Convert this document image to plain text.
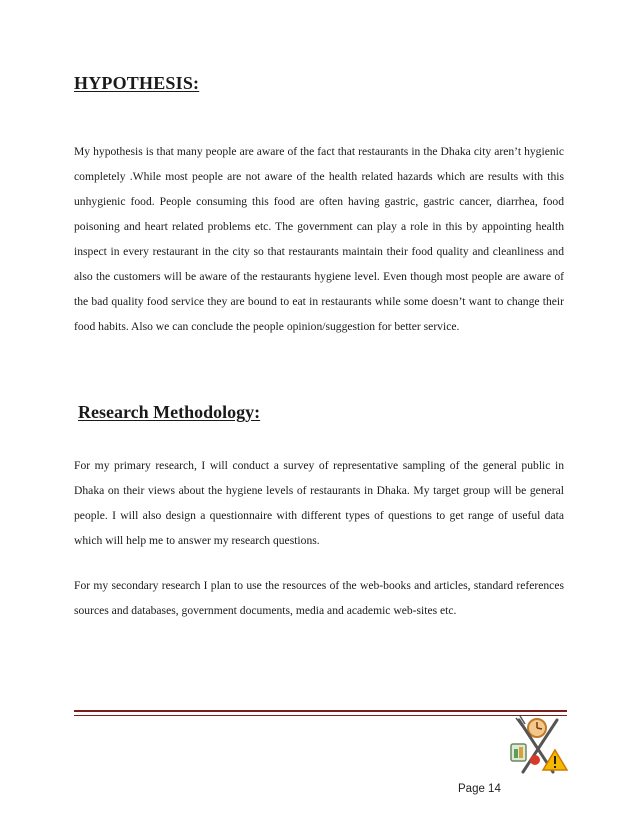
HYPOTHESIS:

My hypothesis is that many people are aware of the fact that restaurants in the Dhaka city aren’t hygienic completely .While most people are not aware of the health related hazards which are results with this unhygienic food. People consuming this food are often having gastric, gastric cancer, diarrhea, food poisoning and heart related problems etc. The government can play a role in this by appointing health inspect in every restaurant in the city so that restaurants maintain their food quality and cleanliness and also the customers will be aware of the restaurants hygiene level. Even though most people are aware of the bad quality food service they are bound to eat in restaurants while some doesn’t want to change their food habits. Also we can conclude the people opinion/suggestion for better service.

Research Methodology:

For my primary research, I will conduct a survey of representative sampling of the general public in Dhaka on their views about the hygiene levels of restaurants in Dhaka. My target group will be general people. I will also design a questionnaire with different types of questions to get range of useful data which will help me to answer my research questions.

For my secondary research I plan to use the resources of the web-books and articles, standard references sources and databases, government documents, media and academic web-sites etc.

Page 14
